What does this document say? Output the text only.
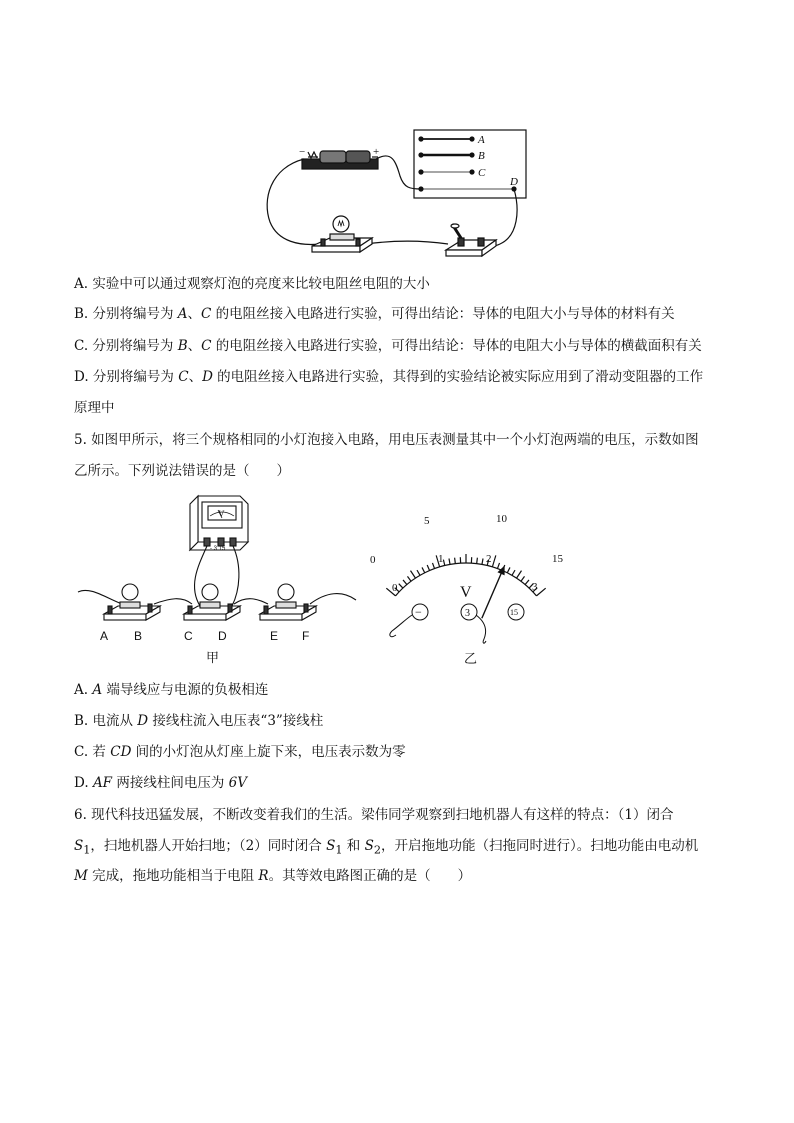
A
B
C
D
−	+
A. 实验中可以通过观察灯泡的亮度来比较电阻丝电阻的大小
B. 分别将编号为 A、C 的电阻丝接入电路进行实验，可得出结论：导体的电阻大小与导体的材料有关
C. 分别将编号为 B、C 的电阻丝接入电路进行实验，可得出结论：导体的电阻大小与导体的横截面积有关
D. 分别将编号为 C、D 的电阻丝接入电路进行实验，其得到的实验结论被实际应用到了滑动变阻器的工作
原理中
5. 如图甲所示，将三个规格相同的小灯泡接入电路，用电压表测量其中一个小灯泡两端的电压，示数如图
乙所示。下列说法错误的是（　　）
V
- 3 15
A B	C D	E F
甲
0
5	10
15
0
1	2
3
V
−	3	15
乙
A. A 端导线应与电源的负极相连
B. 电流从 D 接线柱流入电压表“3”接线柱
C. 若 CD 间的小灯泡从灯座上旋下来，电压表示数为零
D. AF 两接线柱间电压为 6V
6. 现代科技迅猛发展，不断改变着我们的生活。梁伟同学观察到扫地机器人有这样的特点：（1）闭合
$S_1$，扫地机器人开始扫地；（2）同时闭合 $S_1$ 和 $S_2$，开启拖地功能（扫拖同时进行）。扫地功能由电动机
M 完成，拖地功能相当于电阻 R。其等效电路图正确的是（　　）
